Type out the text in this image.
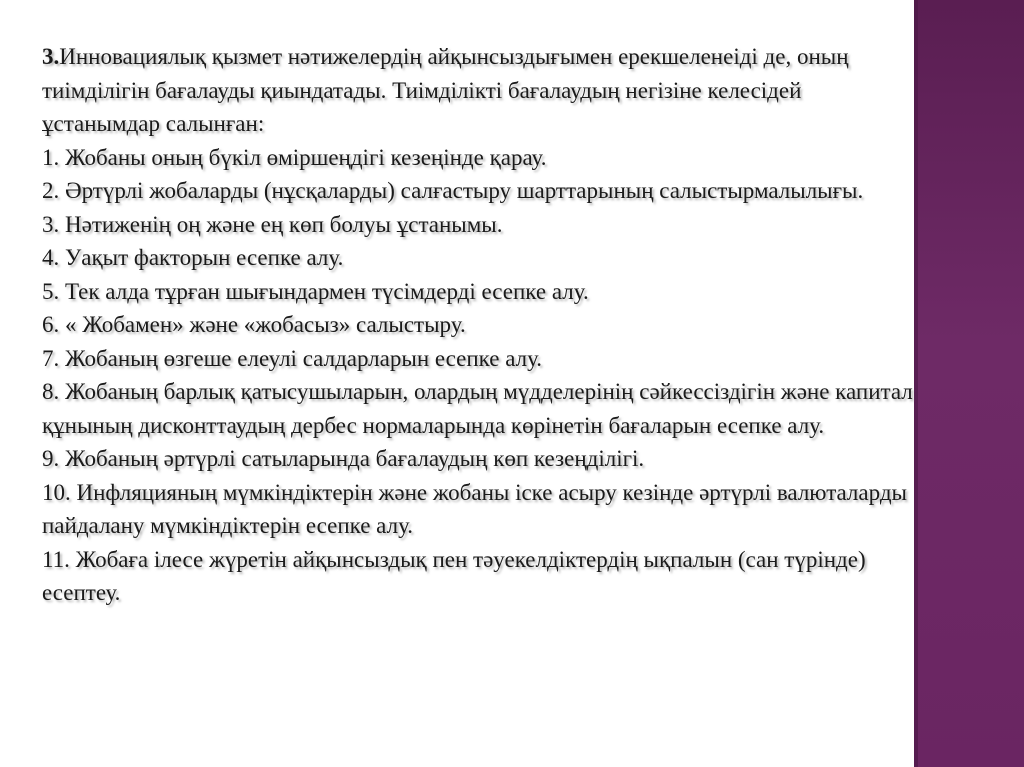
3.Инновациялық қызмет нәтижелердің айқынсыздығымен ерекшеленеіді де, оның тиімділігін бағалауды қиындатады. Тиімділікті бағалаудың негізіне келесідей ұстанымдар салынған:

1. Жобаны оның бүкіл өміршеңдігі кезеңінде қарау.

2. Әртүрлі жобаларды (нұсқаларды) салғастыру шарттарының салыстырмалылығы.

3. Нәтиженің оң және ең көп болуы ұстанымы.

4. Уақыт факторын есепке алу.

5. Тек алда тұрған шығындармен түсімдерді есепке алу.

6. « Жобамен» және «жобасыз» салыстыру.

7. Жобаның өзгеше елеулі салдарларын есепке алу.

8. Жобаның барлық қатысушыларын, олардың мүдделерінің сәйкессіздігін және капитал құнының дисконттаудың дербес нормаларында көрінетін бағаларын есепке алу.

9. Жобаның әртүрлі сатыларында бағалаудың көп кезеңділігі.

10. Инфляцияның мүмкіндіктерін және жобаны іске асыру кезінде әртүрлі валюталарды пайдалану мүмкіндіктерін есепке алу.

11. Жобаға ілесе жүретін айқынсыздық пен тәуекелдіктердің ықпалын (сан түрінде) есептеу.
